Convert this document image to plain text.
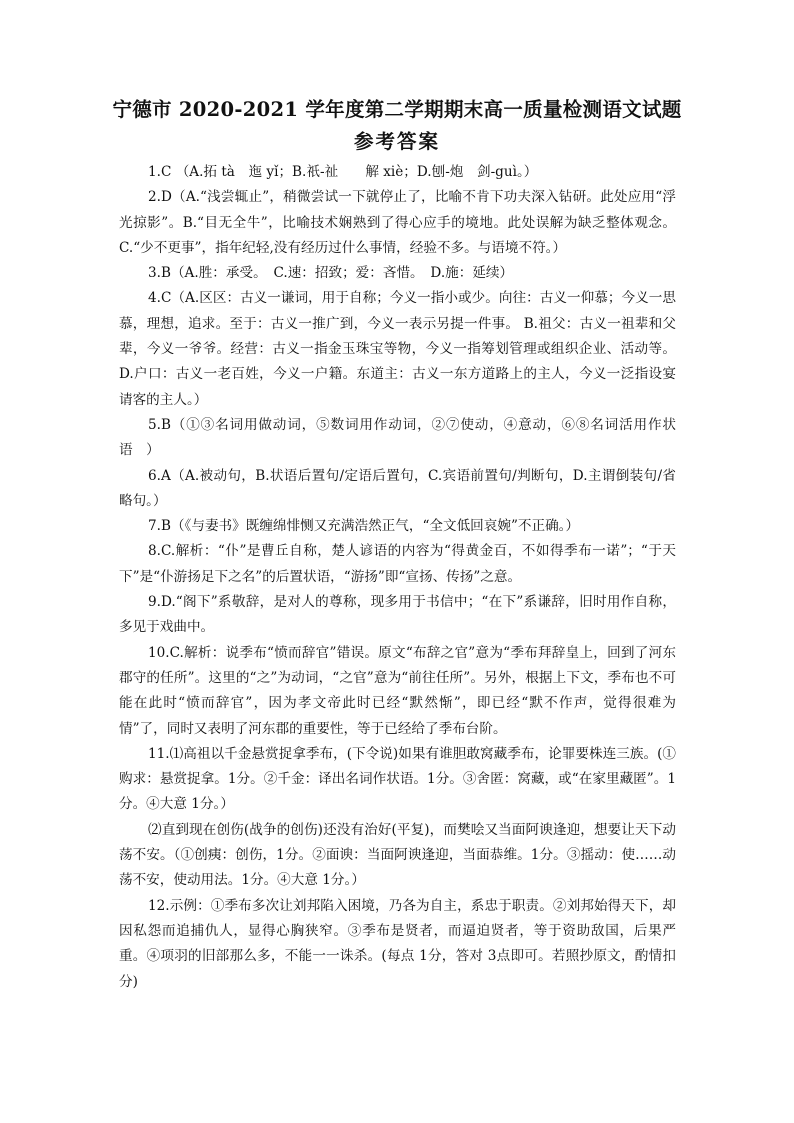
宁德市 2020-2021 学年度第二学期期末高一质量检测语文试题
参考答案

1.C （A.拓 tà　迤 yǐ；B.祇-祉　　解 xiè；D.刨-炮　剑-guì。）

2.D（A.“浅尝辄止”，稍微尝试一下就停止了，比喻不肯下功夫深入钻研。此处应用“浮光掠影”。B.“目无全牛”，比喻技术娴熟到了得心应手的境地。此处误解为缺乏整体观念。C.“少不更事”，指年纪轻,没有经历过什么事情，经验不多。与语境不符。）

3.B（A.胜：承受。　C.速：招致；爱：吝惜。　D.施：延续）

4.C（A.区区：古义一谦词，用于自称；今义一指小或少。向往：古义一仰慕；今义一思慕，理想，追求。至于：古义一推广到，今义一表示另提一件事。 B.祖父：古义一祖辈和父辈，今义一爷爷。经营：古义一指金玉珠宝等物，今义一指筹划管理或组织企业、活动等。D.户口：古义一老百姓，今义一户籍。东道主：古义一东方道路上的主人，今义一泛指设宴请客的主人。）

5.B（①③名词用做动词，⑤数词用作动词，②⑦使动，④意动，⑥⑧名词活用作状语　）

6.A（A.被动句，B.状语后置句/定语后置句，C.宾语前置句/判断句，D.主谓倒装句/省略句。）

7.B（《与妻书》既缠绵悱恻又充满浩然正气，“全文低回哀婉”不正确。）

8.C.解析：“仆”是曹丘自称，楚人谚语的内容为“得黄金百，不如得季布一诺”；“于天下”是“仆游扬足下之名”的后置状语，“游扬”即“宣扬、传扬”之意。

9.D.“阁下”系敬辞，是对人的尊称，现多用于书信中；“在下”系谦辞，旧时用作自称，多见于戏曲中。

10.C.解析：说季布“愤而辞官”错误。原文“布辞之官”意为“季布拜辞皇上，回到了河东郡守的任所”。这里的“之”为动词，“之官”意为“前往任所”。另外，根据上下文，季布也不可能在此时“愤而辞官”，因为孝文帝此时已经“默然惭”，即已经“默不作声，觉得很难为情”了，同时又表明了河东郡的重要性，等于已经给了季布台阶。

11.⑴高祖以千金悬赏捉拿季布，(下令说)如果有谁胆敢窝藏季布，论罪要株连三族。(①购求：悬赏捉拿。1分。②千金：译出名词作状语。1分。③舍匿：窝藏，或“在家里藏匿”。1分。④大意 1分。）

⑵直到现在创伤(战争的创伤)还没有治好(平复)，而樊哙又当面阿谀逢迎，想要让天下动荡不安。（①创痍：创伤，1分。②面谀：当面阿谀逢迎，当面恭维。1分。③摇动：使……动荡不安，使动用法。1分。④大意 1分。）

12.示例：①季布多次让刘邦陷入困境，乃各为自主，系忠于职责。②刘邦始得天下，却因私怨而追捕仇人，显得心胸狭窄。③季布是贤者，而逼迫贤者，等于资助敌国，后果严重。④项羽的旧部那么多，不能一一诛杀。(每点 1分，答对 3点即可。若照抄原文，酌情扣分)
